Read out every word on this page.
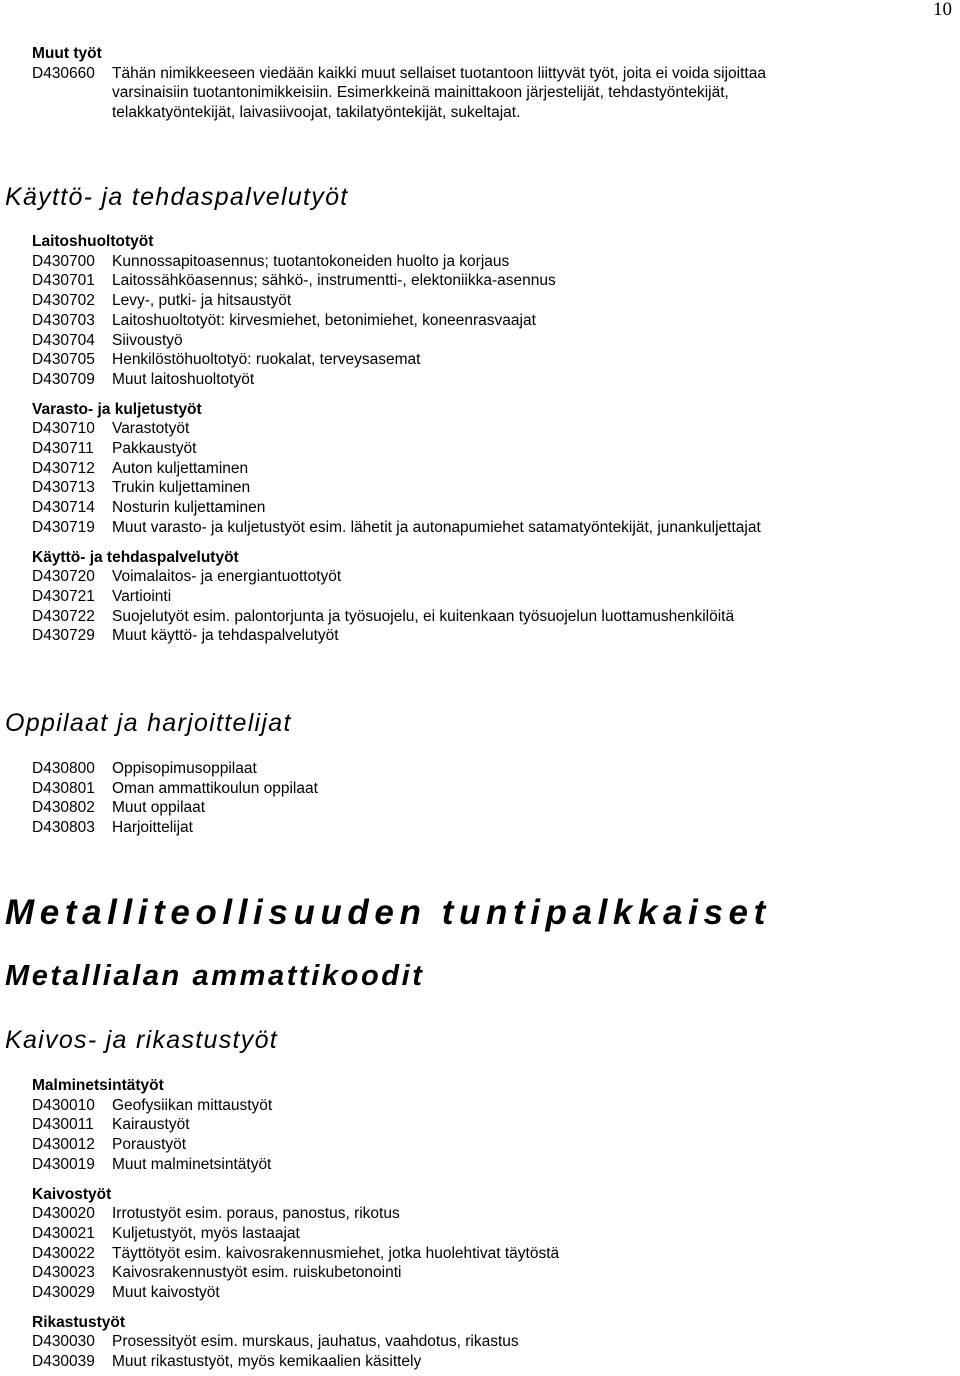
10
Muut työt
D430660	Tähän nimikkeeseen viedään kaikki muut sellaiset tuotantoon liittyvät työt, joita ei voida sijoittaa
varsinaisiin tuotantonimikkeisiin. Esimerkkeinä mainittakoon järjestelijät, tehdastyöntekijät,
telakkatyöntekijät, laivasiivoojat, takilatyöntekijät, sukeltajat.
Käyttö- ja tehdaspalvelutyöt
Laitoshuoltotyöt
D430700	Kunnossapitoasennus; tuotantokoneiden huolto ja korjaus
D430701	Laitossähköasennus; sähkö-, instrumentti-, elektoniikka-asennus
D430702	Levy-, putki- ja hitsaustyöt
D430703	Laitoshuoltotyöt: kirvesmiehet, betonimiehet, koneenrasvaajat
D430704	Siivoustyö
D430705	Henkilöstöhuoltotyö: ruokalat, terveysasemat
D430709	Muut laitoshuoltotyöt
Varasto- ja kuljetustyöt
D430710	Varastotyöt
D430711	Pakkaustyöt
D430712	Auton kuljettaminen
D430713	Trukin kuljettaminen
D430714	Nosturin kuljettaminen
D430719	Muut varasto- ja kuljetustyöt esim. lähetit ja autonapumiehet satamatyöntekijät, junankuljettajat
Käyttö- ja tehdaspalvelutyöt
D430720	Voimalaitos- ja energiantuottotyöt
D430721	Vartiointi
D430722	Suojelutyöt esim. palontorjunta ja työsuojelu, ei kuitenkaan työsuojelun luottamushenkilöitä
D430729	Muut käyttö- ja tehdaspalvelutyöt
Oppilaat ja harjoittelijat
D430800	Oppisopimusoppilaat
D430801	Oman ammattikoulun oppilaat
D430802	Muut oppilaat
D430803	Harjoittelijat
Metalliteollisuuden tuntipalkkaiset
Metallialan ammattikoodit
Kaivos- ja rikastustyöt
Malminetsintätyöt
D430010	Geofysiikan mittaustyöt
D430011	Kairaustyöt
D430012	Poraustyöt
D430019	Muut malminetsintätyöt
Kaivostyöt
D430020	Irrotustyöt esim. poraus, panostus, rikotus
D430021	Kuljetustyöt, myös lastaajat
D430022	Täyttötyöt esim. kaivosrakennusmiehet, jotka huolehtivat täytöstä
D430023	Kaivosrakennustyöt esim. ruiskubetonointi
D430029	Muut kaivostyöt
Rikastustyöt
D430030	Prosessityöt esim. murskaus, jauhatus, vaahdotus, rikastus
D430039	Muut rikastustyöt, myös kemikaalien käsittely
